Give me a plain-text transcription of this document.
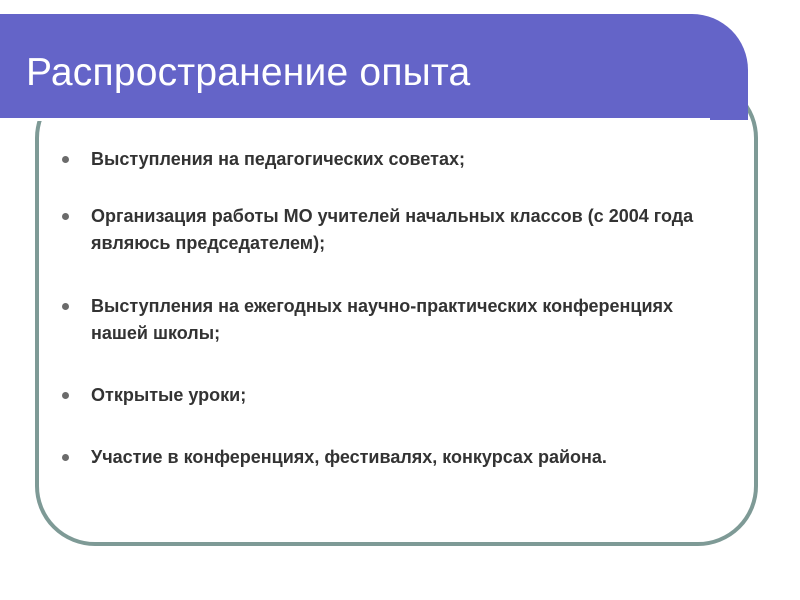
Распространение опыта
Выступления на педагогических советах;
Организация работы МО учителей начальных классов (с 2004 года являюсь председателем);
Выступления на ежегодных научно-практических конференциях нашей школы;
Открытые уроки;
Участие в конференциях, фестивалях, конкурсах района.
